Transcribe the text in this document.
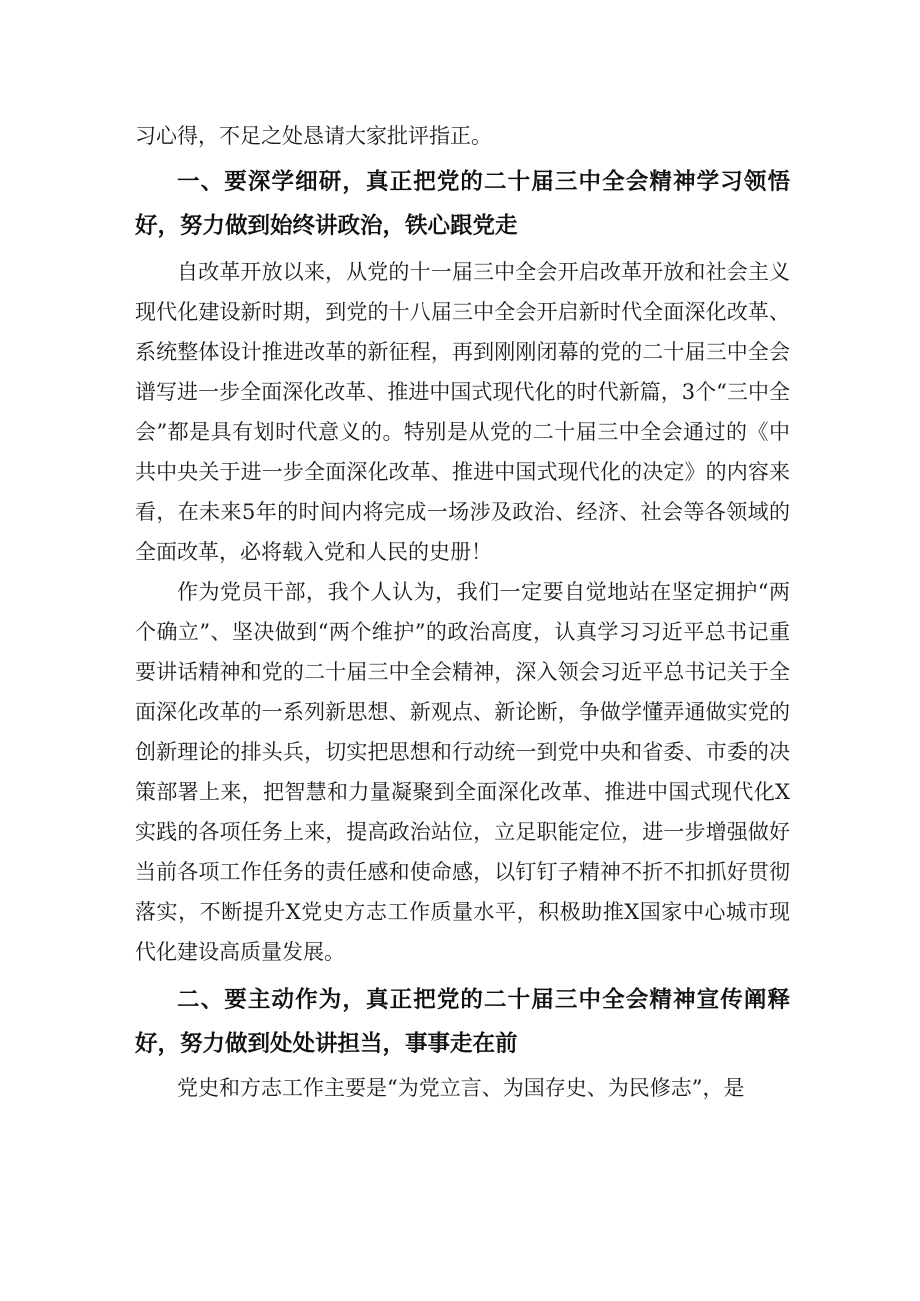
习心得，不足之处恳请大家批评指正。

一、要深学细研，真正把党的二十届三中全会精神学习领悟好，努力做到始终讲政治，铁心跟党走

自改革开放以来，从党的十一届三中全会开启改革开放和社会主义现代化建设新时期，到党的十八届三中全会开启新时代全面深化改革、系统整体设计推进改革的新征程，再到刚刚闭幕的党的二十届三中全会谱写进一步全面深化改革、推进中国式现代化的时代新篇，3个“三中全会”都是具有划时代意义的。特别是从党的二十届三中全会通过的《中共中央关于进一步全面深化改革、推进中国式现代化的决定》的内容来看，在未来5年的时间内将完成一场涉及政治、经济、社会等各领域的全面改革，必将载入党和人民的史册！

作为党员干部，我个人认为，我们一定要自觉地站在坚定拥护“两个确立”、坚决做到“两个维护”的政治高度，认真学习习近平总书记重要讲话精神和党的二十届三中全会精神，深入领会习近平总书记关于全面深化改革的一系列新思想、新观点、新论断，争做学懂弄通做实党的创新理论的排头兵，切实把思想和行动统一到党中央和省委、市委的决策部署上来，把智慧和力量凝聚到全面深化改革、推进中国式现代化X实践的各项任务上来，提高政治站位，立足职能定位，进一步增强做好当前各项工作任务的责任感和使命感，以钉钉子精神不折不扣抓好贯彻落实，不断提升X党史方志工作质量水平，积极助推X国家中心城市现代化建设高质量发展。

二、要主动作为，真正把党的二十届三中全会精神宣传阐释好，努力做到处处讲担当，事事走在前

党史和方志工作主要是“为党立言、为国存史、为民修志”，是
